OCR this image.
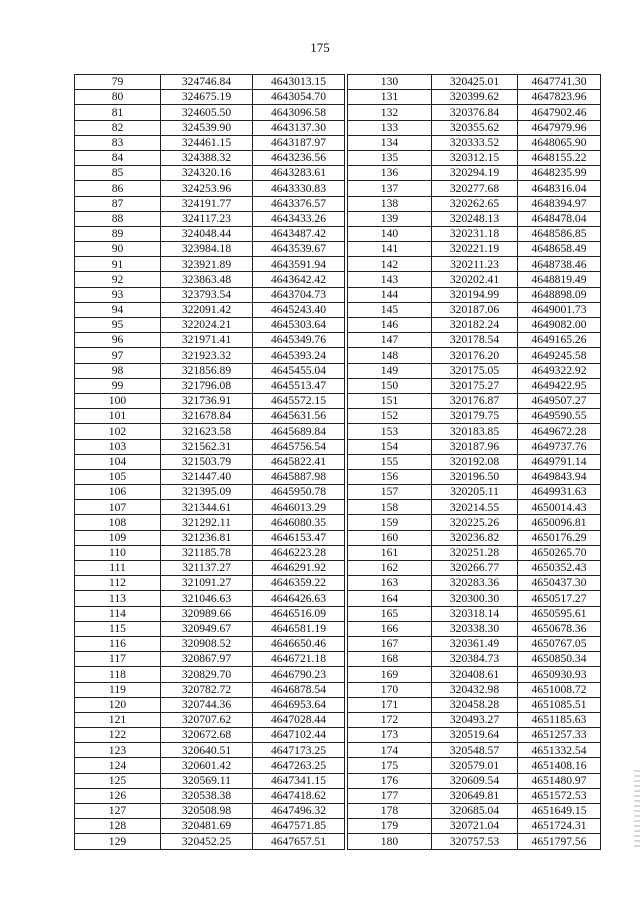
175
79	324746.84	4643013.15		130	320425.01	4647741.30
80	324675.19	4643054.70		131	320399.62	4647823.96
81	324605.50	4643096.58		132	320376.84	4647902.46
82	324539.90	4643137.30		133	320355.62	4647979.96
83	324461.15	4643187.97		134	320333.52	4648065.90
84	324388.32	4643236.56		135	320312.15	4648155.22
85	324320.16	4643283.61		136	320294.19	4648235.99
86	324253.96	4643330.83		137	320277.68	4648316.04
87	324191.77	4643376.57		138	320262.65	4648394.97
88	324117.23	4643433.26		139	320248.13	4648478.04
89	324048.44	4643487.42		140	320231.18	4648586.85
90	323984.18	4643539.67		141	320221.19	4648658.49
91	323921.89	4643591.94		142	320211.23	4648738.46
92	323863.48	4643642.42		143	320202.41	4648819.49
93	323793.54	4643704.73		144	320194.99	4648898.09
94	322091.42	4645243.40		145	320187.06	4649001.73
95	322024.21	4645303.64		146	320182.24	4649082.00
96	321971.41	4645349.76		147	320178.54	4649165.26
97	321923.32	4645393.24		148	320176.20	4649245.58
98	321856.89	4645455.04		149	320175.05	4649322.92
99	321796.08	4645513.47		150	320175.27	4649422.95
100	321736.91	4645572.15		151	320176.87	4649507.27
101	321678.84	4645631.56		152	320179.75	4649590.55
102	321623.58	4645689.84		153	320183.85	4649672.28
103	321562.31	4645756.54		154	320187.96	4649737.76
104	321503.79	4645822.41		155	320192.08	4649791.14
105	321447.40	4645887.98		156	320196.50	4649843.94
106	321395.09	4645950.78		157	320205.11	4649931.63
107	321344.61	4646013.29		158	320214.55	4650014.43
108	321292.11	4646080.35		159	320225.26	4650096.81
109	321236.81	4646153.47		160	320236.82	4650176.29
110	321185.78	4646223.28		161	320251.28	4650265.70
111	321137.27	4646291.92		162	320266.77	4650352.43
112	321091.27	4646359.22		163	320283.36	4650437.30
113	321046.63	4646426.63		164	320300.30	4650517.27
114	320989.66	4646516.09		165	320318.14	4650595.61
115	320949.67	4646581.19		166	320338.30	4650678.36
116	320908.52	4646650.46		167	320361.49	4650767.05
117	320867.97	4646721.18		168	320384.73	4650850.34
118	320829.70	4646790.23		169	320408.61	4650930.93
119	320782.72	4646878.54		170	320432.98	4651008.72
120	320744.36	4646953.64		171	320458.28	4651085.51
121	320707.62	4647028.44		172	320493.27	4651185.63
122	320672.68	4647102.44		173	320519.64	4651257.33
123	320640.51	4647173.25		174	320548.57	4651332.54
124	320601.42	4647263.25		175	320579.01	4651408.16
125	320569.11	4647341.15		176	320609.54	4651480.97
126	320538.38	4647418.62		177	320649.81	4651572.53
127	320508.98	4647496.32		178	320685.04	4651649.15
128	320481.69	4647571.85		179	320721.04	4651724.31
129	320452.25	4647657.51		180	320757.53	4651797.56
